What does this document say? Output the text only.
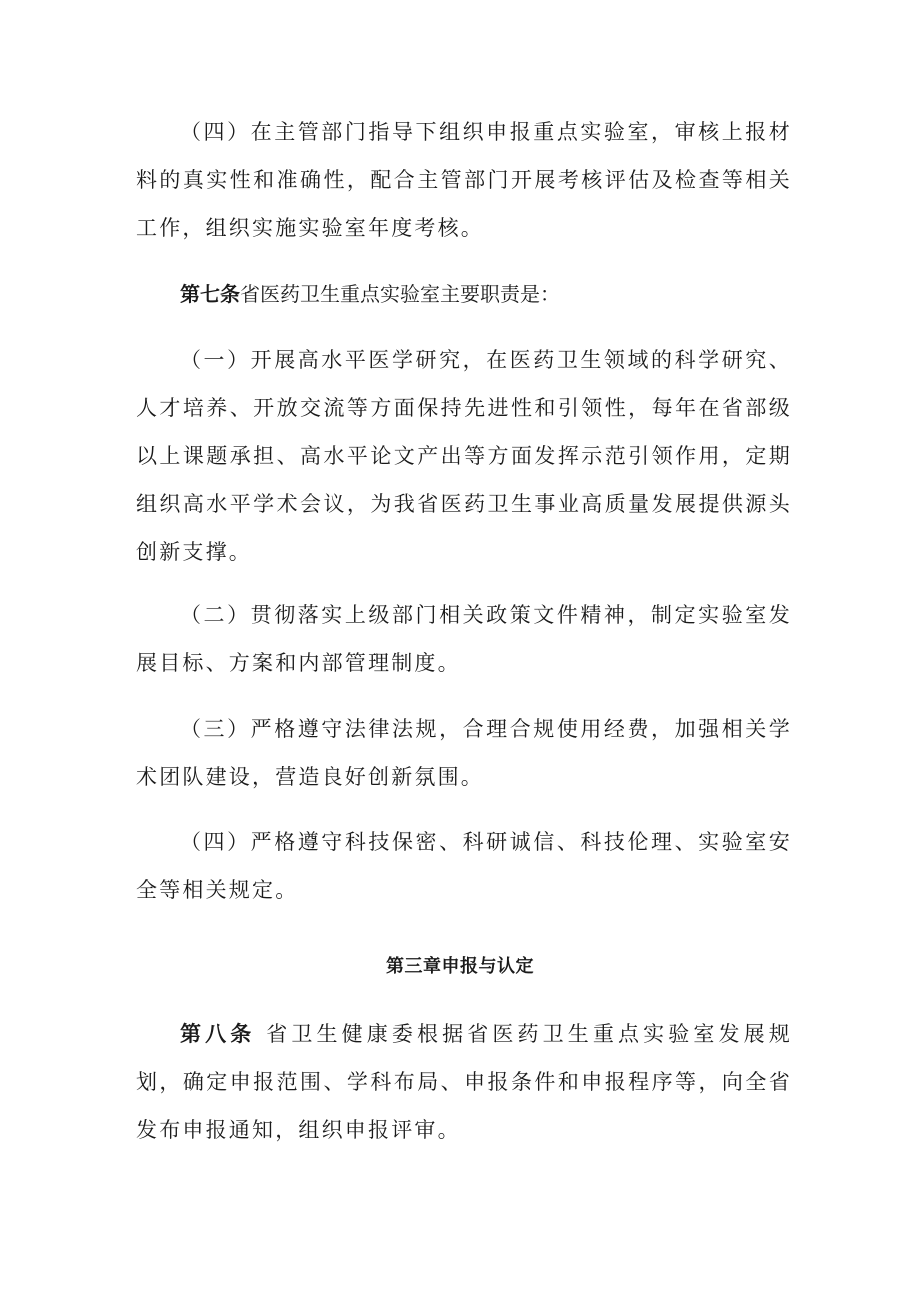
（四）在主管部门指导下组织申报重点实验室，审核上报材料的真实性和准确性，配合主管部门开展考核评估及检查等相关工作，组织实施实验室年度考核。

第七条省医药卫生重点实验室主要职责是：

（一）开展高水平医学研究，在医药卫生领域的科学研究、人才培养、开放交流等方面保持先进性和引领性，每年在省部级以上课题承担、高水平论文产出等方面发挥示范引领作用，定期组织高水平学术会议，为我省医药卫生事业高质量发展提供源头创新支撑。

（二）贯彻落实上级部门相关政策文件精神，制定实验室发展目标、方案和内部管理制度。

（三）严格遵守法律法规，合理合规使用经费，加强相关学术团队建设，营造良好创新氛围。

（四）严格遵守科技保密、科研诚信、科技伦理、实验室安全等相关规定。

第三章申报与认定

第八条 省卫生健康委根据省医药卫生重点实验室发展规划，确定申报范围、学科布局、申报条件和申报程序等，向全省发布申报通知，组织申报评审。
